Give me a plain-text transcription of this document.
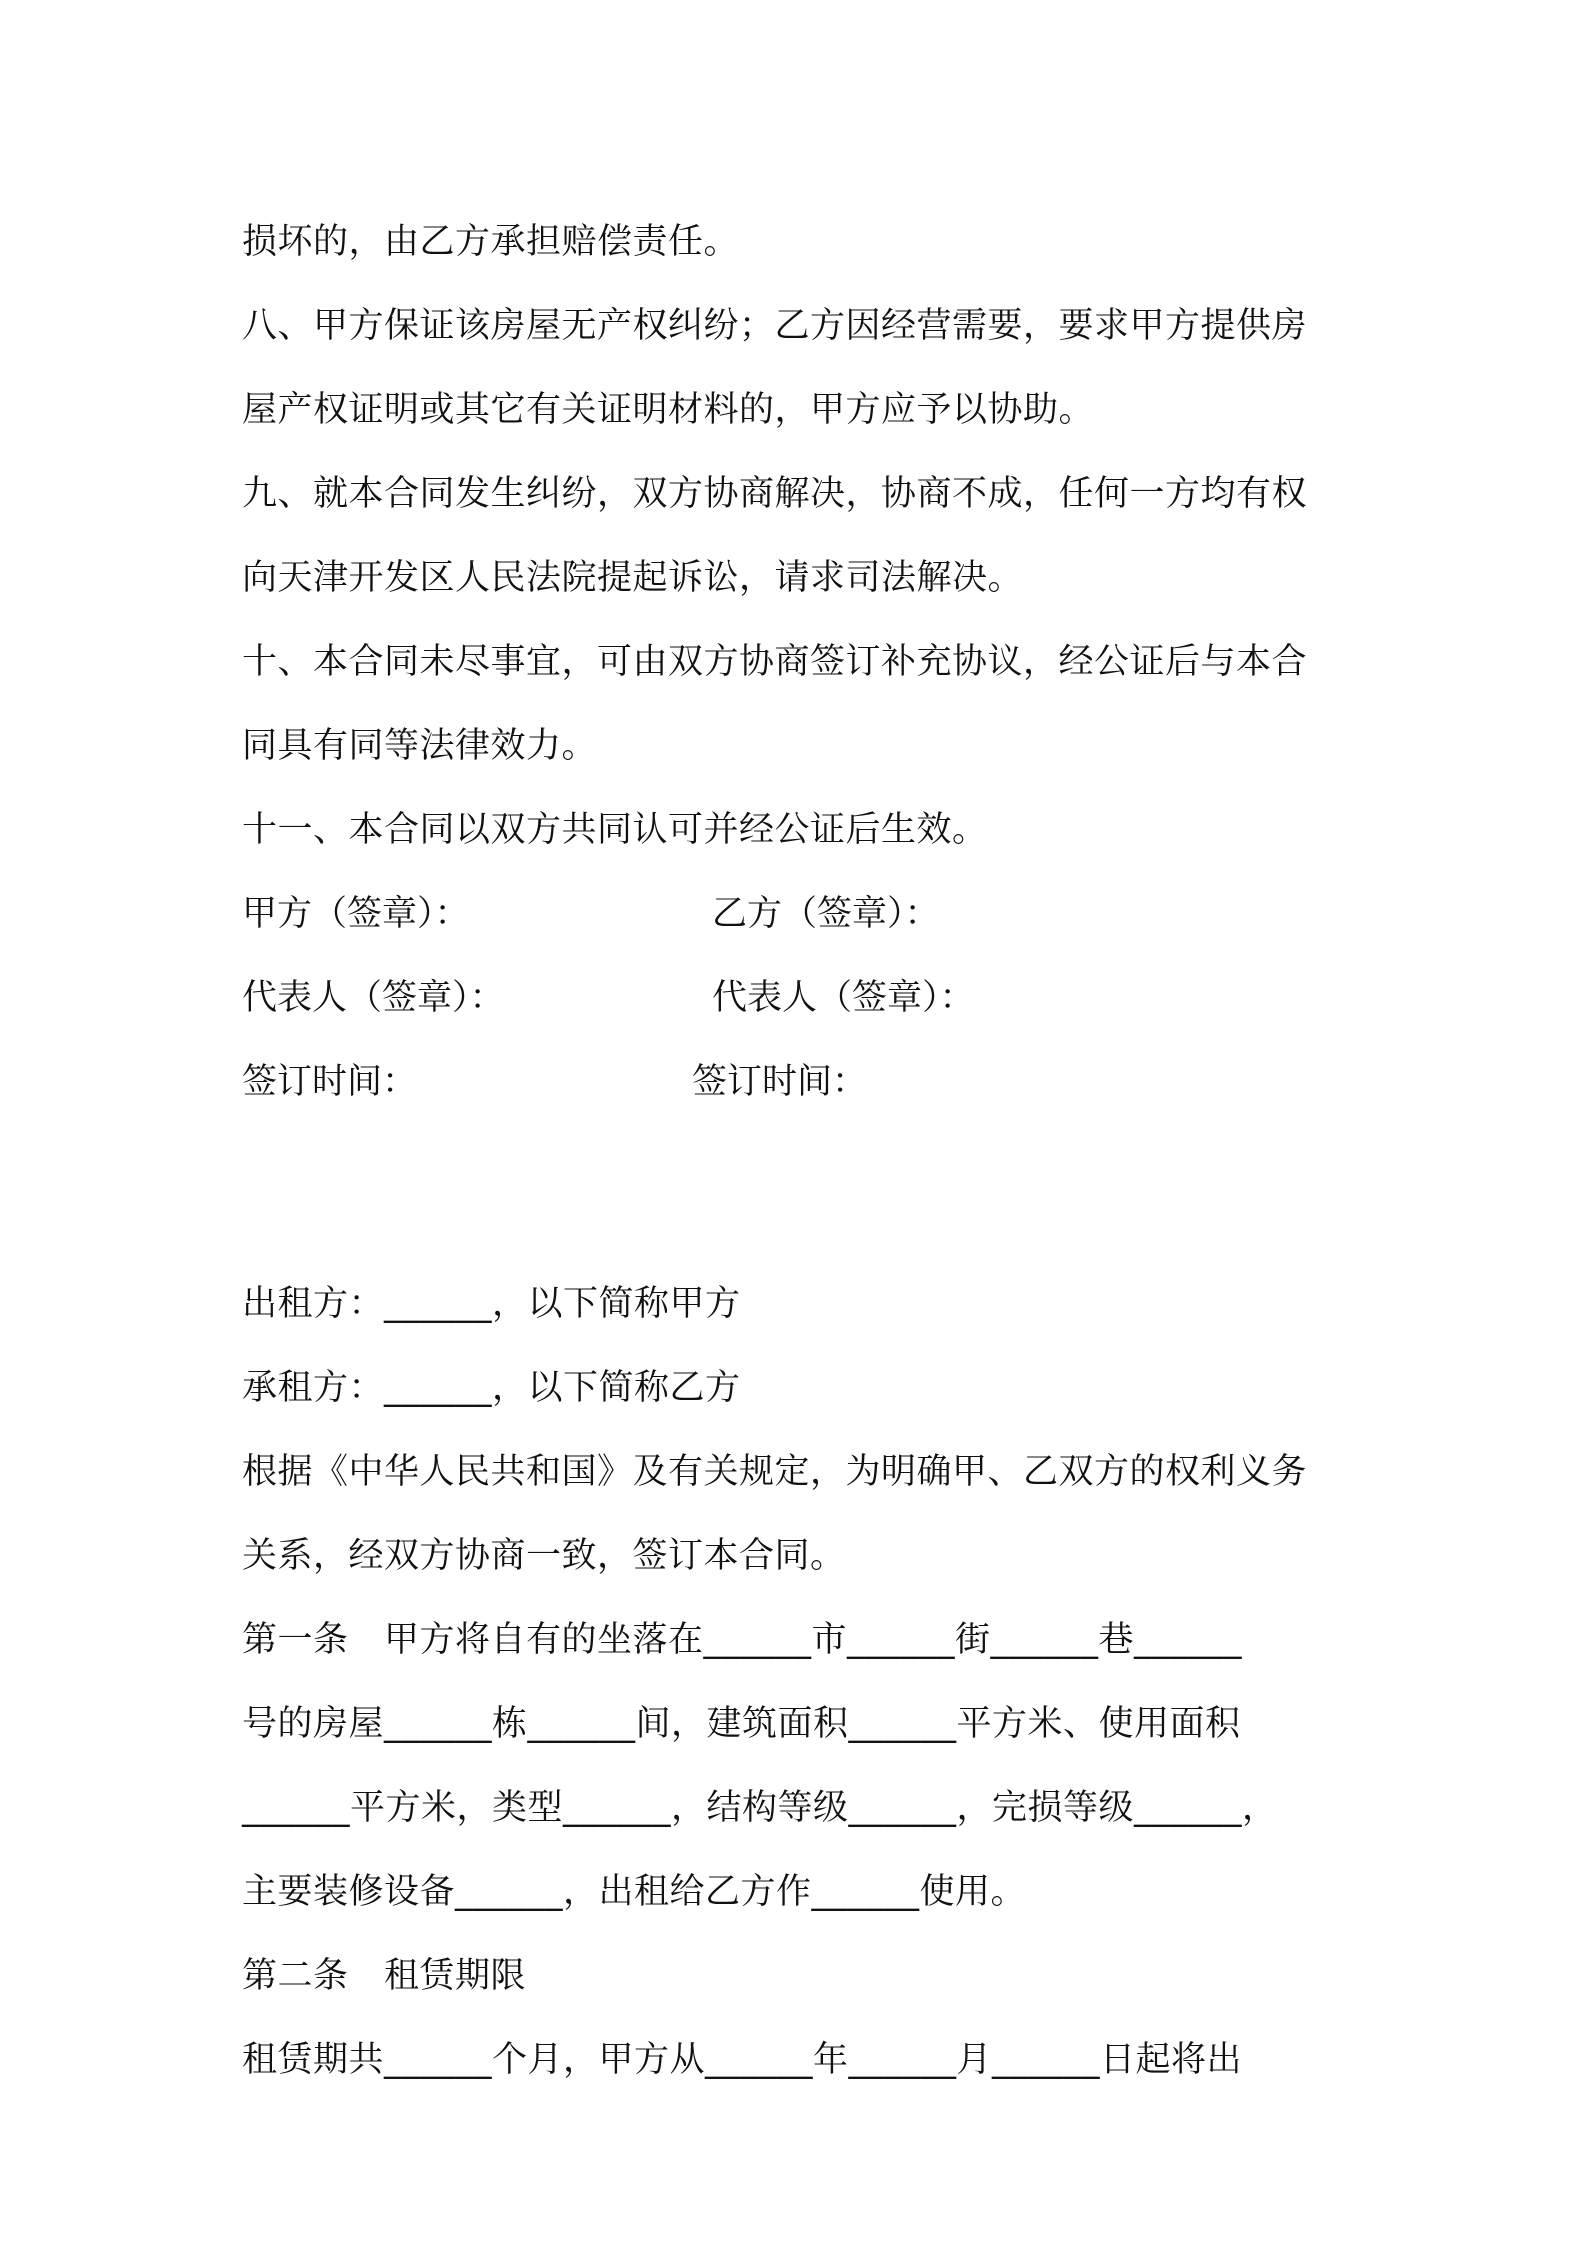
损坏的，由乙方承担赔偿责任。
八、甲方保证该房屋无产权纠纷；乙方因经营需要，要求甲方提供房
屋产权证明或其它有关证明材料的，甲方应予以协助。
九、就本合同发生纠纷，双方协商解决，协商不成，任何一方均有权
向天津开发区人民法院提起诉讼，请求司法解决。
十、本合同未尽事宜，可由双方协商签订补充协议，经公证后与本合
同具有同等法律效力。
十一、本合同以双方共同认可并经公证后生效。
甲方（签章）：	乙方（签章）：
代表人（签章）：	代表人（签章）：
签订时间：	签订时间：
出租方：______，以下简称甲方
承租方：______，以下简称乙方
根据《中华人民共和国》及有关规定，为明确甲、乙双方的权利义务
关系，经双方协商一致，签订本合同。
第一条　甲方将自有的坐落在______市______街______巷______
号的房屋______栋______间，建筑面积______平方米、使用面积
______平方米，类型______，结构等级______，完损等级______，
主要装修设备______，出租给乙方作______使用。
第二条　租赁期限
租赁期共______个月，甲方从______年______月______日起将出
